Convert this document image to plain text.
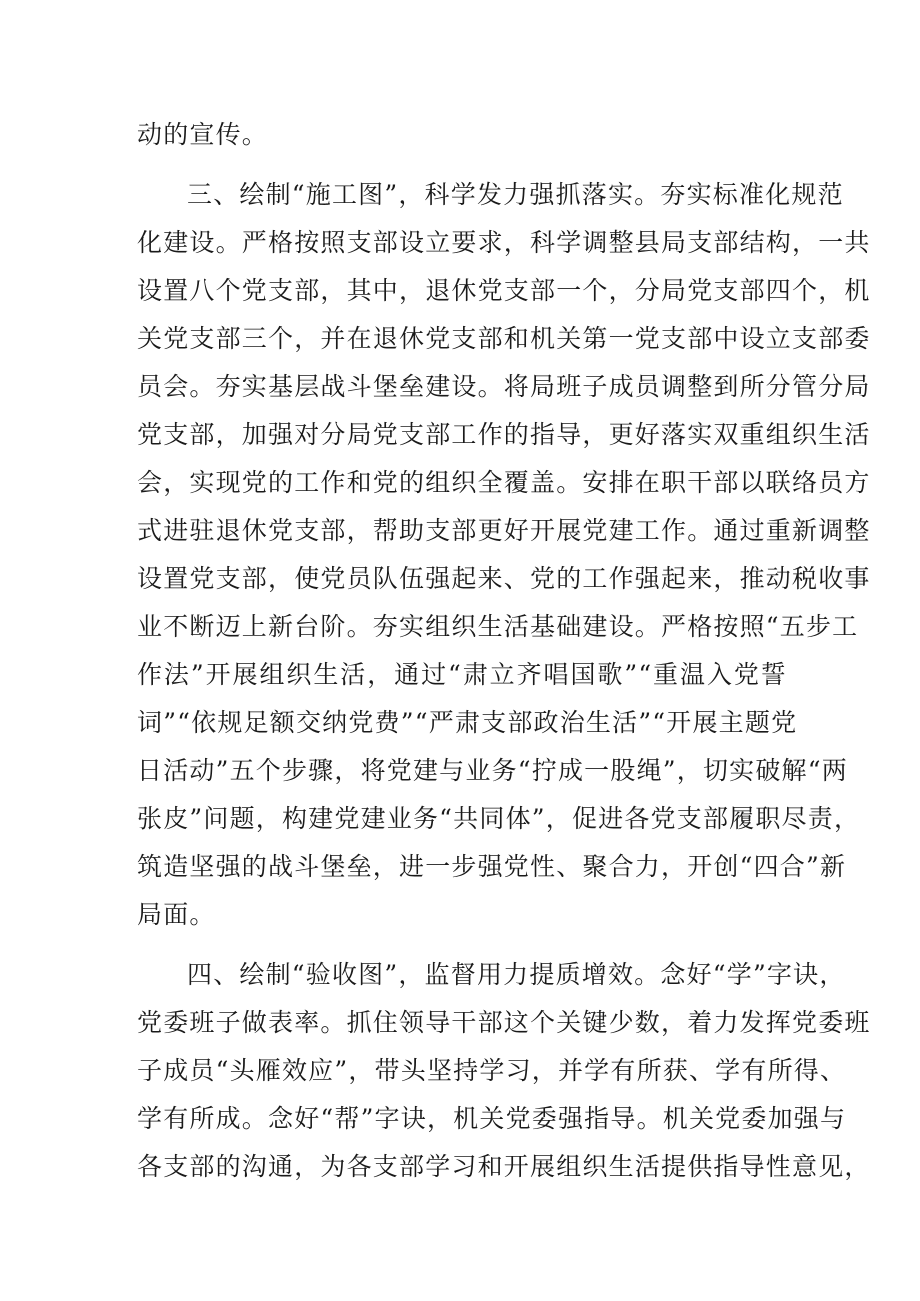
动的宣传。
三、绘制“施工图”，科学发力强抓落实。夯实标准化规范
化建设。严格按照支部设立要求，科学调整县局支部结构，一共
设置八个党支部，其中，退休党支部一个，分局党支部四个，机
关党支部三个，并在退休党支部和机关第一党支部中设立支部委
员会。夯实基层战斗堡垒建设。将局班子成员调整到所分管分局
党支部，加强对分局党支部工作的指导，更好落实双重组织生活
会，实现党的工作和党的组织全覆盖。安排在职干部以联络员方
式进驻退休党支部，帮助支部更好开展党建工作。通过重新调整
设置党支部，使党员队伍强起来、党的工作强起来，推动税收事
业不断迈上新台阶。夯实组织生活基础建设。严格按照“五步工
作法”开展组织生活，通过“肃立齐唱国歌”“重温入党誓
词”“依规足额交纳党费”“严肃支部政治生活”“开展主题党
日活动”五个步骤，将党建与业务“拧成一股绳”，切实破解“两
张皮”问题，构建党建业务“共同体”，促进各党支部履职尽责，
筑造坚强的战斗堡垒，进一步强党性、聚合力，开创“四合”新
局面。
四、绘制“验收图”，监督用力提质增效。念好“学”字诀，
党委班子做表率。抓住领导干部这个关键少数，着力发挥党委班
子成员“头雁效应”，带头坚持学习，并学有所获、学有所得、
学有所成。念好“帮”字诀，机关党委强指导。机关党委加强与
各支部的沟通，为各支部学习和开展组织生活提供指导性意见，
